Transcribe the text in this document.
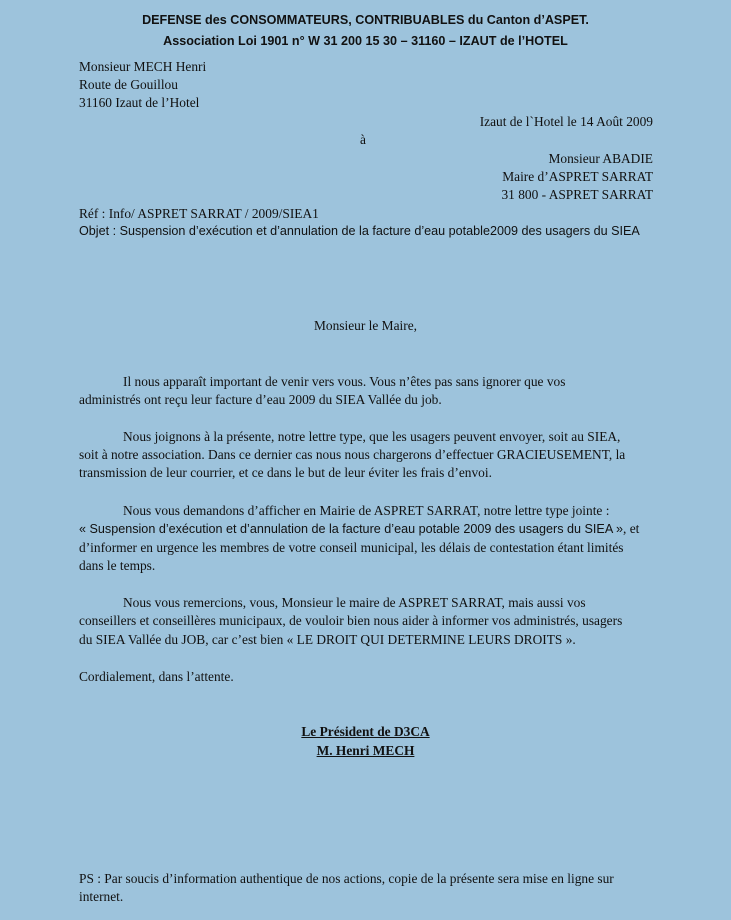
DEFENSE des CONSOMMATEURS, CONTRIBUABLES du Canton d’ASPET.
Association Loi 1901 n° W 31 200 15 30 – 31160 – IZAUT de l’HOTEL
Monsieur MECH Henri
Route de Gouillou
31160 Izaut de l’Hotel
Izaut de l`Hotel le 14 Août 2009
à
Monsieur ABADIE
Maire d’ASPRET SARRAT
31 800 - ASPRET SARRAT
Réf : Info/ ASPRET SARRAT / 2009/SIEA1
Objet : Suspension d’exécution et d’annulation de la facture d’eau potable2009 des usagers du SIEA
Monsieur le Maire,
Il nous apparaît important de venir vers vous. Vous n’êtes pas sans ignorer que vos
administrés ont reçu leur facture d’eau 2009 du SIEA Vallée du job.
Nous joignons à la présente, notre lettre type, que les usagers peuvent envoyer, soit au SIEA,
soit à notre association. Dans ce dernier cas nous nous chargerons d’effectuer GRACIEUSEMENT, la
transmission de leur courrier, et ce dans le but de leur éviter les frais d’envoi.
Nous vous demandons d’afficher en Mairie de ASPRET SARRAT, notre lettre type jointe :
« Suspension d’exécution et d’annulation de la facture d’eau potable 2009 des usagers du SIEA », et
d’informer en urgence les membres de votre conseil municipal, les délais de contestation étant limités
dans le temps.
Nous vous remercions, vous, Monsieur le maire de ASPRET SARRAT, mais aussi vos
conseillers et conseillères municipaux, de vouloir bien nous aider à informer vos administrés, usagers
du SIEA Vallée du JOB, car c’est bien « LE DROIT QUI DETERMINE LEURS DROITS ».
Cordialement, dans l’attente.
Le Président de D3CA
M. Henri MECH
PS : Par soucis d’information authentique de nos actions, copie de la présente sera mise en ligne sur
internet.
